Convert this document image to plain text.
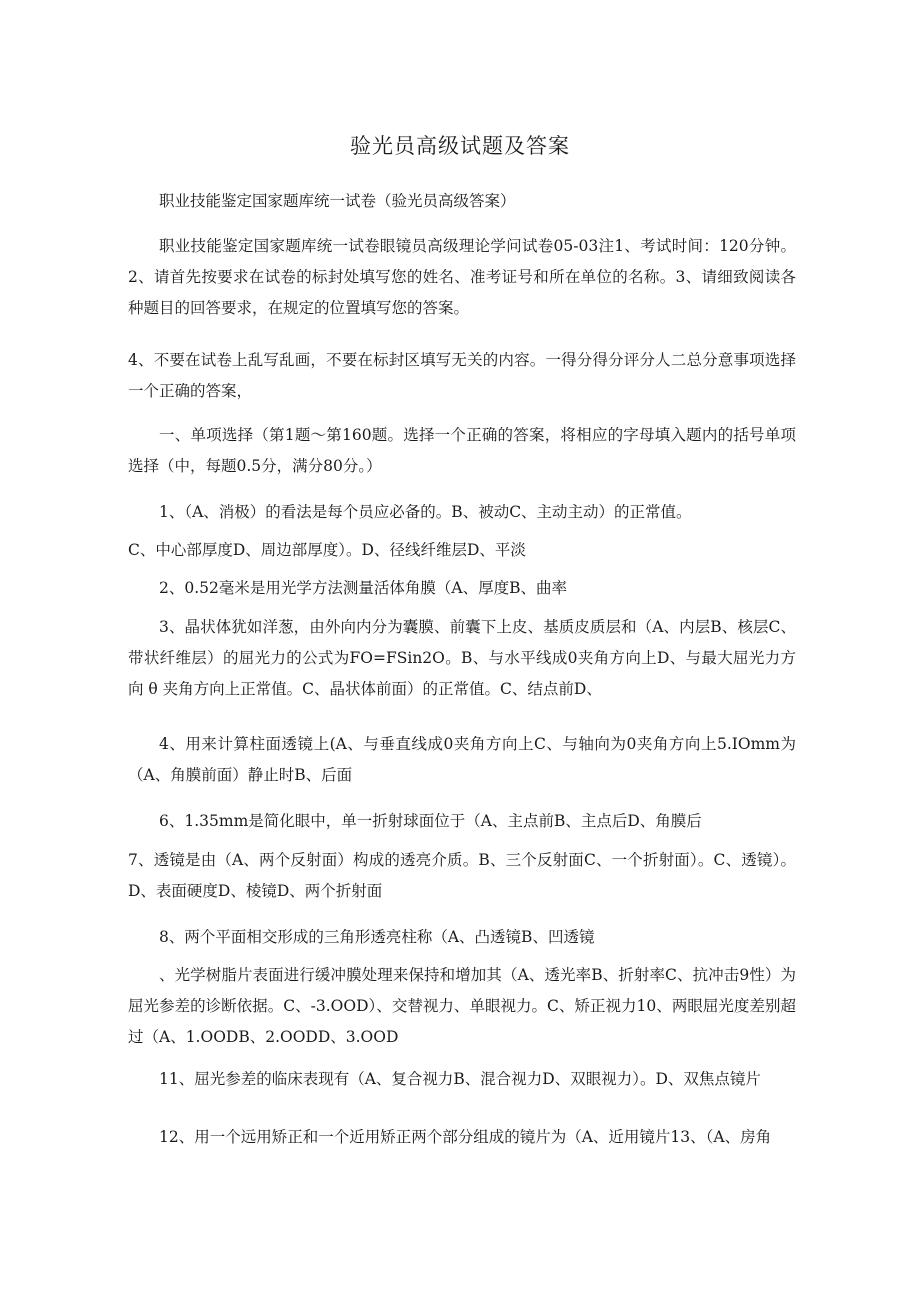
验光员高级试题及答案

职业技能鉴定国家题库统一试卷（验光员高级答案）

职业技能鉴定国家题库统一试卷眼镜员高级理论学问试卷05-03注1、考试时间：120分钟。2、请首先按要求在试卷的标封处填写您的姓名、准考证号和所在单位的名称。3、请细致阅读各种题目的回答要求，在规定的位置填写您的答案。

4、不要在试卷上乱写乱画，不要在标封区填写无关的内容。一得分得分评分人二总分意事项选择一个正确的答案，

一、单项选择（第1题～第160题。选择一个正确的答案，将相应的字母填入题内的括号单项选择（中，每题0.5分，满分80分。）

1、（A、消极）的看法是每个员应必备的。B、被动C、主动主动）的正常值。

C、中心部厚度D、周边部厚度）。D、径线纤维层D、平淡

2、0.52毫米是用光学方法测量活体角膜（A、厚度B、曲率

3、晶状体犹如洋葱，由外向内分为囊膜、前囊下上皮、基质皮质层和（A、内层B、核层C、带状纤维层）的屈光力的公式为FO=FSin2O。B、与水平线成0夹角方向上D、与最大屈光力方向 θ 夹角方向上正常值。C、晶状体前面）的正常值。C、结点前D、

4、用来计算柱面透镜上(A、与垂直线成0夹角方向上C、与轴向为0夹角方向上5.IOmm为（A、角膜前面）静止时B、后面

6、1.35mm是简化眼中，单一折射球面位于（A、主点前B、主点后D、角膜后

7、透镜是由（A、两个反射面）构成的透亮介质。B、三个反射面C、一个折射面）。C、透镜）。D、表面硬度D、棱镜D、两个折射面

8、两个平面相交形成的三角形透亮柱称（A、凸透镜B、凹透镜

、光学树脂片表面进行缓冲膜处理来保持和增加其（A、透光率B、折射率C、抗冲击9性）为屈光参差的诊断依据。C、-3.OOD）、交替视力、单眼视力。C、矫正视力10、两眼屈光度差别超过（A、1.OODB、2.OODD、3.OOD

11、屈光参差的临床表现有（A、复合视力B、混合视力D、双眼视力）。D、双焦点镜片

12、用一个远用矫正和一个近用矫正两个部分组成的镜片为（A、近用镜片13、（A、房角
